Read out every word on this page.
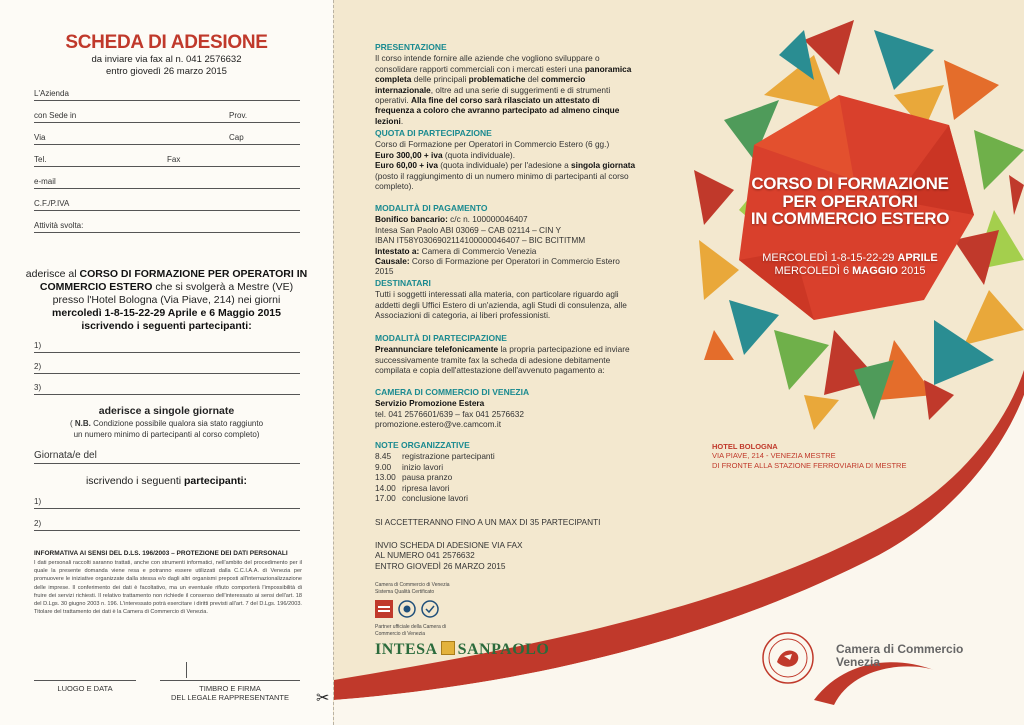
SCHEDA DI ADESIONE
da inviare via fax al n. 041 2576632
entro giovedì 26 marzo 2015
L'Azienda
con Sede in	Prov.
Via	Cap
Tel.	Fax
e-mail
C.F./P.IVA
Attività svolta:
aderisce al CORSO DI FORMAZIONE PER OPERATORI IN COMMERCIO ESTERO che si svolgerà a Mestre (VE)
presso l'Hotel Bologna (Via Piave, 214) nei giorni
mercoledì 1-8-15-22-29 Aprile e 6 Maggio 2015
iscrivendo i seguenti partecipanti:
1)
2)
3)
aderisce a singole giornate
( N.B. Condizione possibile qualora sia stato raggiunto
un numero minimo di partecipanti al corso completo)
Giornata/e del
iscrivendo i seguenti partecipanti:
1)
2)
INFORMATIVA AI SENSI DEL D.LS. 196/2003 – PROTEZIONE DEI DATI PERSONALI
I dati personali raccolti saranno trattati, anche con strumenti informatici, nell'ambito del procedimento per il quale la presente domanda viene resa e potranno essere utilizzati dalla C.C.I.A.A. di Venezia per promuovere le iniziative organizzate dalla stessa e/o dagli altri organismi preposti all'internazionalizzazione delle imprese. Il conferimento dei dati è facoltativo, ma un eventuale rifiuto comporterà l'impossibilità di fruire dei servizi richiesti. Il relativo trattamento non richiede il consenso dell'interessato ai sensi dell'art. 18 del D.Lgs. 30 giugno 2003 n. 196. L'interessato potrà esercitare i diritti previsti all'art. 7 del D.Lgs. 196/2003. Titolare del trattamento dei dati è la Camera di Commercio di Venezia.
LUOGO E DATA	TIMBRO E FIRMA
DEL LEGALE RAPPRESENTANTE	✂
PRESENTAZIONE
Il corso intende fornire alle aziende che vogliono sviluppare o consolidare rapporti commerciali con i mercati esteri una panoramica completa delle principali problematiche del commercio internazionale, oltre ad una serie di suggerimenti e di strumenti operativi. Alla fine del corso sarà rilasciato un attestato di frequenza a coloro che avranno partecipato ad almeno cinque lezioni.
QUOTA DI PARTECIPAZIONE
Corso di Formazione per Operatori in Commercio Estero (6 gg.)
Euro 300,00 + iva (quota individuale).
Euro 60,00 + iva (quota individuale) per l'adesione a singola giornata (posto il raggiungimento di un numero minimo di partecipanti al corso completo).
MODALITÀ DI PAGAMENTO
Bonifico bancario: c/c n. 100000046407
Intesa San Paolo ABI 03069 – CAB 02114 – CIN Y
IBAN IT58Y0306902114100000046407 – BIC BCITITMM
Intestato a: Camera di Commercio Venezia
Causale: Corso di Formazione per Operatori in Commercio Estero 2015
DESTINATARI
Tutti i soggetti interessati alla materia, con particolare riguardo agli addetti degli Uffici Estero di un'azienda, agli Studi di consulenza, alle Associazioni di categoria, ai liberi professionisti.
MODALITÀ DI PARTECIPAZIONE
Preannunciare telefonicamente la propria partecipazione ed inviare successivamente tramite fax la scheda di adesione debitamente compilata e copia dell'attestazione dell'avvenuto pagamento a:
CAMERA DI COMMERCIO DI VENEZIA
Servizio Promozione Estera
tel. 041 2576601/639 – fax 041 2576632
promozione.estero@ve.camcom.it
NOTE ORGANIZZATIVE
8.45 registrazione partecipanti
9.00 inizio lavori
13.00 pausa pranzo
14.00 ripresa lavori
17.00 conclusione lavori
SI ACCETTERANNO FINO A UN MAX DI 35 PARTECIPANTI
INVIO SCHEDA DI ADESIONE VIA FAX
AL NUMERO 041 2576632
ENTRO GIOVEDÌ 26 MARZO 2015
Camera di Commercio di Venezia
Sistema Qualità Certificato
Partner ufficiale della Camera di
Commercio di Venezia
INTESA SANPAOLO
CORSO DI FORMAZIONE
PER OPERATORI
IN COMMERCIO ESTERO
MERCOLEDÌ 1-8-15-22-29 APRILE
MERCOLEDÌ 6 MAGGIO 2015
HOTEL BOLOGNA
VIA PIAVE, 214 - VENEZIA MESTRE
DI FRONTE ALLA STAZIONE FERROVIARIA DI MESTRE
Camera di Commercio
Venezia
